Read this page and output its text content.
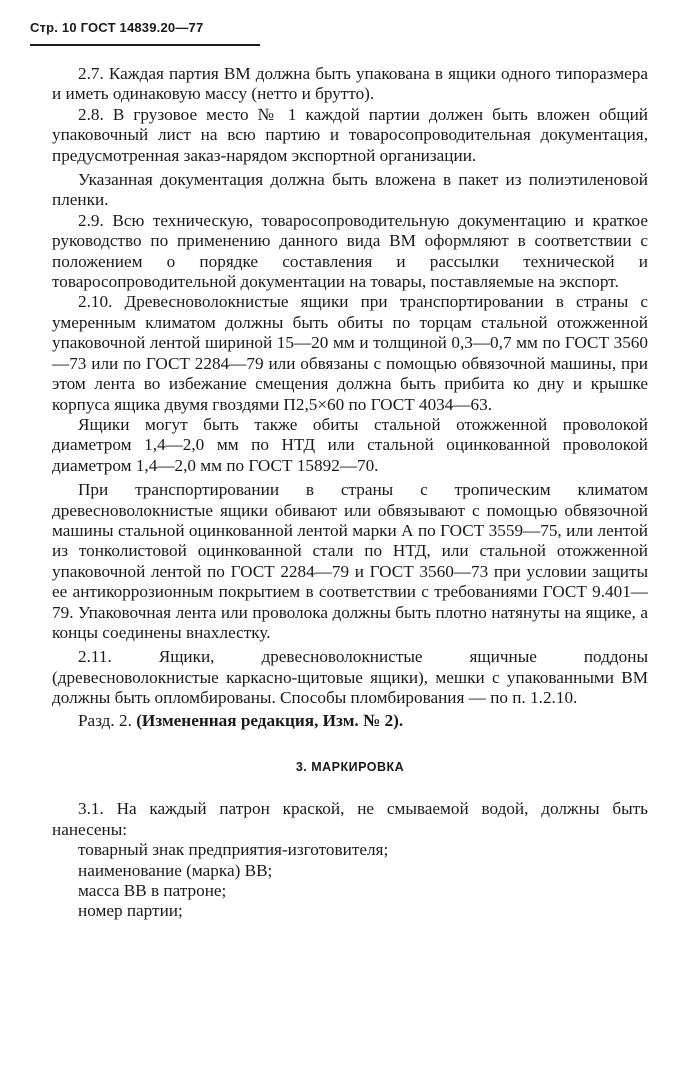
Стр. 10 ГОСТ 14839.20—77

2.7. Каждая партия ВМ должна быть упакована в ящики одного типоразмера и иметь одинаковую массу (нетто и брутто).

2.8. В грузовое место № 1 каждой партии должен быть вложен общий упаковочный лист на всю партию и товаросопроводительная документация, предусмотренная заказ-нарядом экспортной организации.

Указанная документация должна быть вложена в пакет из полиэтиленовой пленки.

2.9. Всю техническую, товаросопроводительную документацию и краткое руководство по применению данного вида ВМ оформляют в соответствии с положением о порядке составления и рассылки технической и товаросопроводительной документации на товары, поставляемые на экспорт.

2.10. Древесноволокнистые ящики при транспортировании в страны с умеренным климатом должны быть обиты по торцам стальной отожженной упаковочной лентой шириной 15—20 мм и толщиной 0,3—0,7 мм по ГОСТ 3560—73 или по ГОСТ 2284—79 или обвязаны с помощью обвязочной машины, при этом лента во избежание смещения должна быть прибита ко дну и крышке корпуса ящика двумя гвоздями П2,5×60 по ГОСТ 4034—63.

Ящики могут быть также обиты стальной отожженной проволокой диаметром 1,4—2,0 мм по НТД или стальной оцинкованной проволокой диаметром 1,4—2,0 мм по ГОСТ 15892—70.

При транспортировании в страны с тропическим климатом древесноволокнистые ящики обивают или обвязывают с помощью обвязочной машины стальной оцинкованной лентой марки А по ГОСТ 3559—75, или лентой из тонколистовой оцинкованной стали по НТД, или стальной отожженной упаковочной лентой по ГОСТ 2284—79 и ГОСТ 3560—73 при условии защиты ее антикоррозионным покрытием в соответствии с требованиями ГОСТ 9.401—79. Упаковочная лента или проволока должны быть плотно натянуты на ящике, а концы соединены внахлестку.

2.11. Ящики, древесноволокнистые ящичные поддоны (древесноволокнистые каркасно-щитовые ящики), мешки с упакованными ВМ должны быть опломбированы. Способы пломбирования — по п. 1.2.10.

Разд. 2. (Измененная редакция, Изм. № 2).

3. МАРКИРОВКА

3.1. На каждый патрон краской, не смываемой водой, должны быть нанесены:

товарный знак предприятия-изготовителя;
наименование (марка) ВВ;
масса ВВ в патроне;
номер партии;
